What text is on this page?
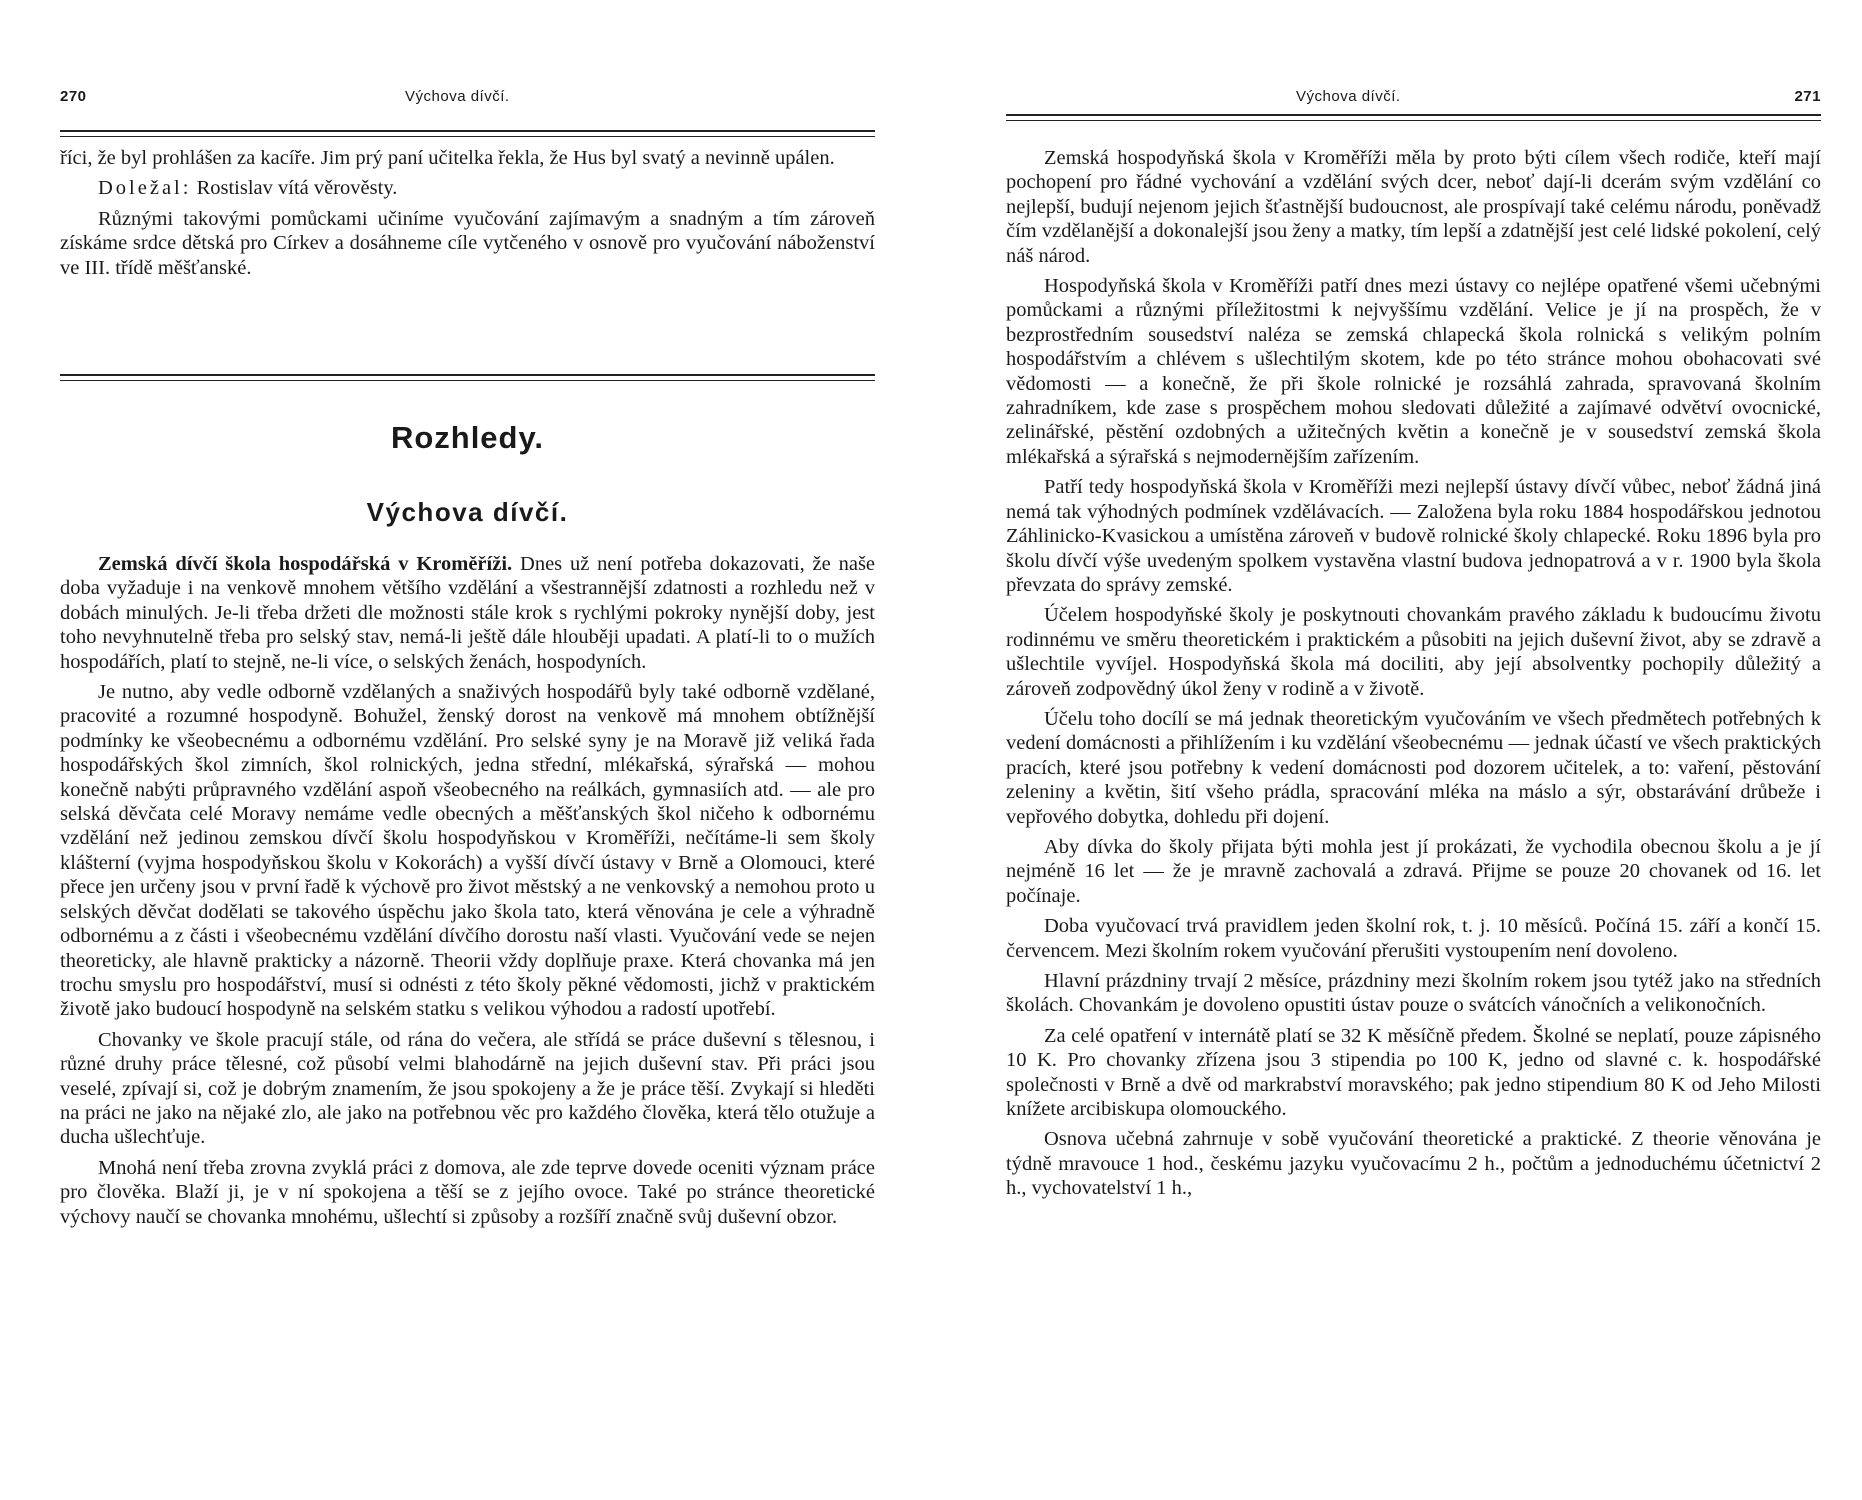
270	Výchova dívčí.

říci, že byl prohlášen za kacíře. Jim prý paní učitelka řekla, že Hus byl svatý a nevinně upálen.

Doležal: Rostislav vítá věrověsty.

Různými takovými pomůckami učiníme vyučování zajímavým a snadným a tím zároveň získáme srdce dětská pro Církev a dosáhneme cíle vytčeného v osnově pro vyučování náboženství ve III. třídě měšťanské.

Rozhledy.
Výchova dívčí.

Zemská dívčí škola hospodářská v Kroměříži. Dnes už není potřeba dokazovati, že naše doba vyžaduje i na venkově mnohem většího vzdělání a všestrannější zdatnosti a rozhledu než v dobách minulých. Je-li třeba držeti dle možnosti stále krok s rychlými pokroky nynější doby, jest toho nevyhnutelně třeba pro selský stav, nemá-li ještě dále hlouběji upadati. A platí-li to o mužích hospodářích, platí to stejně, ne-li více, o selských ženách, hospodyních.

Je nutno, aby vedle odborně vzdělaných a snaživých hospodářů byly také odborně vzdělané, pracovité a rozumné hospodyně. Bohužel, ženský dorost na venkově má mnohem obtížnější podmínky ke všeobecnému a odbornému vzdělání. Pro selské syny je na Moravě již veliká řada hospodářských škol zimních, škol rolnických, jedna střední, mlékařská, sýrařská — mohou konečně nabýti průpravného vzdělání aspoň všeobecného na reálkách, gymnasiích atd. — ale pro selská děvčata celé Moravy nemáme vedle obecných a měšťanských škol ničeho k odbornému vzdělání než jedinou zemskou dívčí školu hospodyňskou v Kroměříži, nečítáme-li sem školy klášterní (vyjma hospodyňskou školu v Kokorách) a vyšší dívčí ústavy v Brně a Olomouci, které přece jen určeny jsou v první řadě k výchově pro život městský a ne venkovský a nemohou proto u selských děvčat dodělati se takového úspěchu jako škola tato, která věnována je cele a výhradně odbornému a z části i všeobecnému vzdělání dívčího dorostu naší vlasti. Vyučování vede se nejen theoreticky, ale hlavně prakticky a názorně. Theorii vždy doplňuje praxe. Která chovanka má jen trochu smyslu pro hospodářství, musí si odnésti z této školy pěkné vědomosti, jichž v praktickém životě jako budoucí hospodyně na selském statku s velikou výhodou a radostí upotřebí.

Chovanky ve škole pracují stále, od rána do večera, ale střídá se práce duševní s tělesnou, i různé druhy práce tělesné, což působí velmi blahodárně na jejich duševní stav. Při práci jsou veselé, zpívají si, což je dobrým znamením, že jsou spokojeny a že je práce těší. Zvykají si hleděti na práci ne jako na nějaké zlo, ale jako na potřebnou věc pro každého člověka, která tělo otužuje a ducha ušlechťuje.

Mnohá není třeba zrovna zvyklá práci z domova, ale zde teprve dovede oceniti význam práce pro člověka. Blaží ji, je v ní spokojena a těší se z jejího ovoce. Také po stránce theoretické výchovy naučí se chovanka mnohému, ušlechtí si způsoby a rozšíří značně svůj duševní obzor.

Výchova dívčí.	271

Zemská hospodyňská škola v Kroměříži měla by proto býti cílem všech rodiče, kteří mají pochopení pro řádné vychování a vzdělání svých dcer, neboť dají-li dcerám svým vzdělání co nejlepší, budují nejenom jejich šťastnější budoucnost, ale prospívají také celému národu, poněvadž čím vzdělanější a dokonalejší jsou ženy a matky, tím lepší a zdatnější jest celé lidské pokolení, celý náš národ.

Hospodyňská škola v Kroměříži patří dnes mezi ústavy co nejlépe opatřené všemi učebnými pomůckami a různými příležitostmi k nejvyššímu vzdělání. Velice je jí na prospěch, že v bezprostředním sousedství naléza se zemská chlapecká škola rolnická s velikým polním hospodářstvím a chlévem s ušlechtilým skotem, kde po této stránce mohou obohacovati své vědomosti — a konečně, že při škole rolnické je rozsáhlá zahrada, spravovaná školním zahradníkem, kde zase s prospěchem mohou sledovati důležité a zajímavé odvětví ovocnické, zelinářské, pěstění ozdobných a užitečných květin a konečně je v sousedství zemská škola mlékařská a sýrařská s nejmodernějším zařízením.

Patří tedy hospodyňská škola v Kroměříži mezi nejlepší ústavy dívčí vůbec, neboť žádná jiná nemá tak výhodných podmínek vzdělávacích. — Založena byla roku 1884 hospodářskou jednotou Záhlinicko-Kvasickou a umístěna zároveň v budově rolnické školy chlapecké. Roku 1896 byla pro školu dívčí výše uvedeným spolkem vystavěna vlastní budova jednopatrová a v r. 1900 byla škola převzata do správy zemské.

Účelem hospodyňské školy je poskytnouti chovankám pravého základu k budoucímu životu rodinnému ve směru theoretickém i praktickém a působiti na jejich duševní život, aby se zdravě a ušlechtile vyvíjel. Hospodyňská škola má dociliti, aby její absolventky pochopily důležitý a zároveň zodpovědný úkol ženy v rodině a v životě.

Účelu toho docílí se má jednak theoretickým vyučováním ve všech předmětech potřebných k vedení domácnosti a přihlížením i ku vzdělání všeobecnému — jednak účastí ve všech praktických pracích, které jsou potřebny k vedení domácnosti pod dozorem učitelek, a to: vaření, pěstování zeleniny a květin, šití všeho prádla, spracování mléka na máslo a sýr, obstarávání drůbeže i vepřového dobytka, dohledu při dojení.

Aby dívka do školy přijata býti mohla jest jí prokázati, že vychodila obecnou školu a je jí nejméně 16 let — že je mravně zachovalá a zdravá. Přijme se pouze 20 chovanek od 16. let počínaje.

Doba vyučovací trvá pravidlem jeden školní rok, t. j. 10 měsíců. Počíná 15. září a končí 15. červencem. Mezi školním rokem vyučování přerušiti vystoupením není dovoleno.

Hlavní prázdniny trvají 2 měsíce, prázdniny mezi školním rokem jsou tytéž jako na středních školách. Chovankám je dovoleno opustiti ústav pouze o svátcích vánočních a velikonočních.

Za celé opatření v internátě platí se 32 K měsíčně předem. Školné se neplatí, pouze zápisného 10 K. Pro chovanky zřízena jsou 3 stipendia po 100 K, jedno od slavné c. k. hospodářské společnosti v Brně a dvě od markrabství moravského; pak jedno stipendium 80 K od Jeho Milosti knížete arcibiskupa olomouckého.

Osnova učebná zahrnuje v sobě vyučování theoretické a praktické. Z theorie věnována je týdně mravouce 1 hod., českému jazyku vyučovacímu 2 h., počtům a jednoduchému účetnictví 2 h., vychovatelství 1 h.,
